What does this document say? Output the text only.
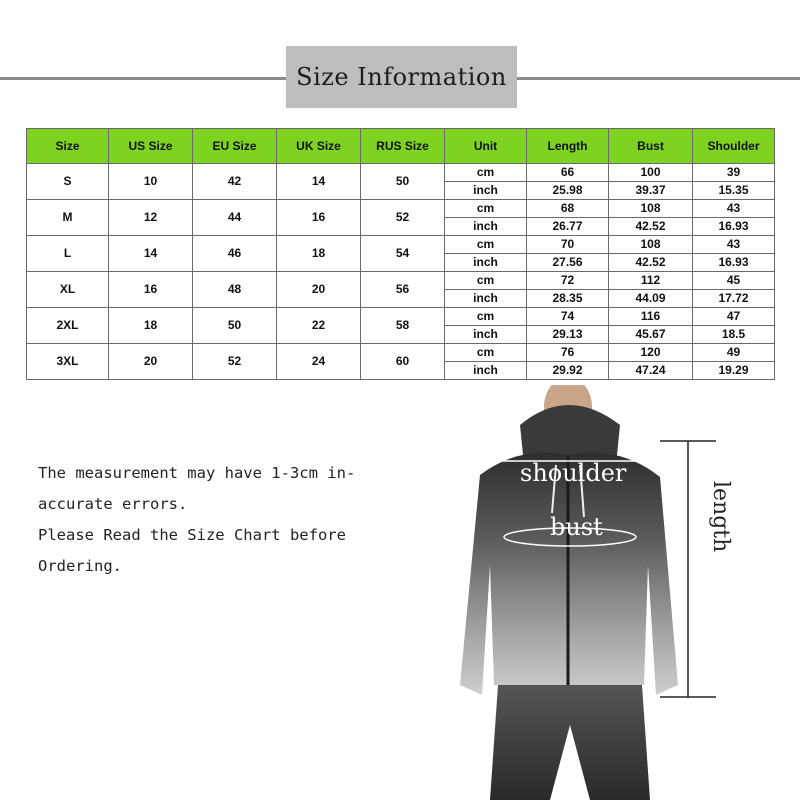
Size Information
Size	US Size	EU Size	UK Size	RUS Size	Unit	Length	Bust	Shoulder
S	10	42	14	50	cm	66	100	39
					inch	25.98	39.37	15.35
M	12	44	16	52	cm	68	108	43
					inch	26.77	42.52	16.93
L	14	46	18	54	cm	70	108	43
					inch	27.56	42.52	16.93
XL	16	48	20	56	cm	72	112	45
					inch	28.35	44.09	17.72
2XL	18	50	22	58	cm	74	116	47
					inch	29.13	45.67	18.5
3XL	20	52	24	60	cm	76	120	49
					inch	29.92	47.24	19.29
The measurement may have 1-3cm in-
accurate errors.
Please Read the Size Chart before
Ordering.
shoulder
bust	length
